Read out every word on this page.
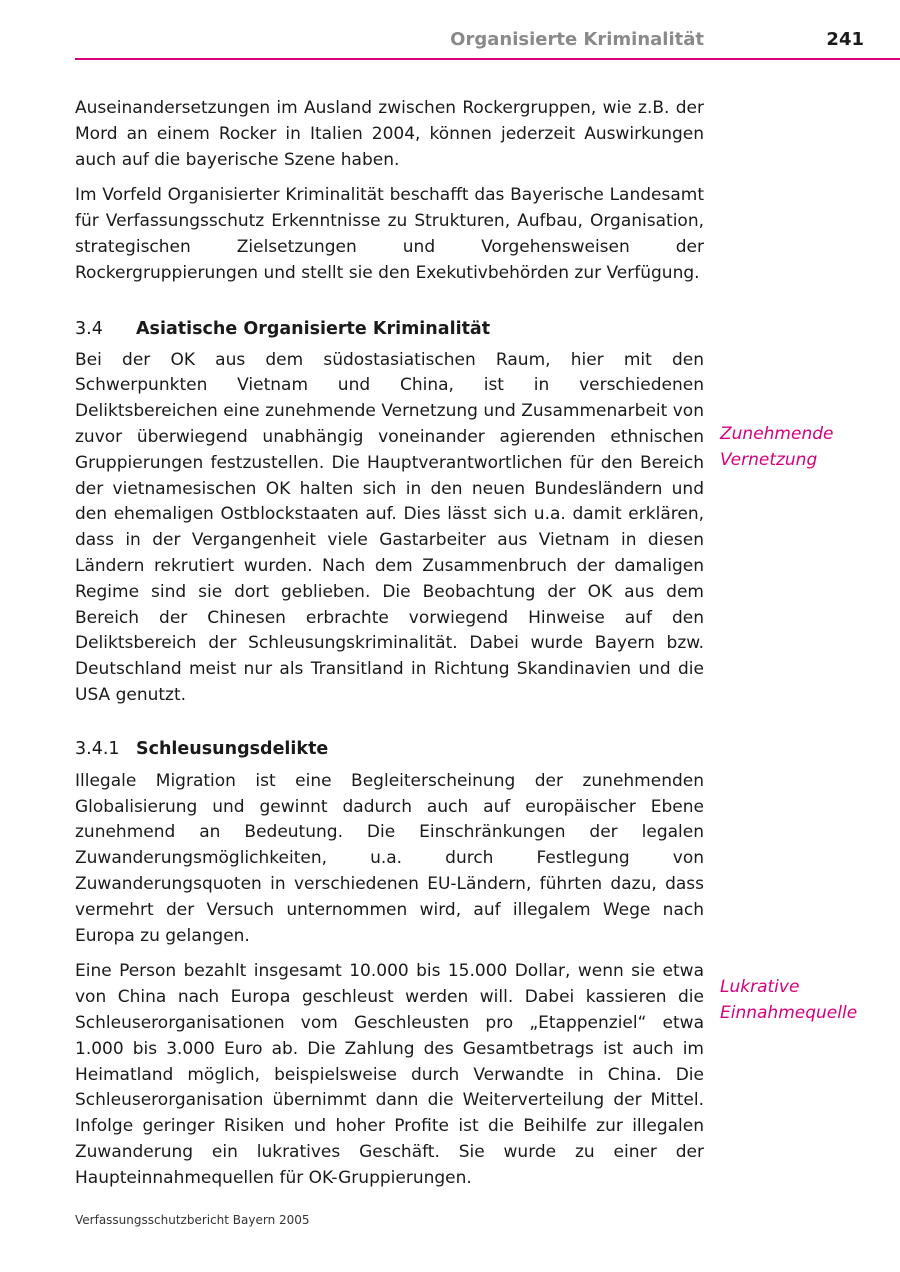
Organisierte Kriminalität	241

Auseinandersetzungen im Ausland zwischen Rockergruppen, wie z.B. der Mord an einem Rocker in Italien 2004, können jederzeit Auswirkungen auch auf die bayerische Szene haben.

Im Vorfeld Organisierter Kriminalität beschafft das Bayerische Landesamt für Verfassungsschutz Erkenntnisse zu Strukturen, Aufbau, Organisation, strategischen Zielsetzungen und Vorgehensweisen der Rockergruppierungen und stellt sie den Exekutivbehörden zur Verfügung.

3.4 Asiatische Organisierte Kriminalität

Bei der OK aus dem südostasiatischen Raum, hier mit den Schwerpunkten Vietnam und China, ist in verschiedenen Deliktsbereichen eine zunehmende Vernetzung und Zusammenarbeit von zuvor überwiegend unabhängig voneinander agierenden ethnischen Gruppierungen festzustellen. Die Hauptverantwortlichen für den Bereich der vietnamesischen OK halten sich in den neuen Bundesländern und den ehemaligen Ostblockstaaten auf. Dies lässt sich u.a. damit erklären, dass in der Vergangenheit viele Gastarbeiter aus Vietnam in diesen Ländern rekrutiert wurden. Nach dem Zusammenbruch der damaligen Regime sind sie dort geblieben. Die Beobachtung der OK aus dem Bereich der Chinesen erbrachte vorwiegend Hinweise auf den Deliktsbereich der Schleusungskriminalität. Dabei wurde Bayern bzw. Deutschland meist nur als Transitland in Richtung Skandinavien und die USA genutzt.

3.4.1 Schleusungsdelikte

Illegale Migration ist eine Begleiterscheinung der zunehmenden Globalisierung und gewinnt dadurch auch auf europäischer Ebene zunehmend an Bedeutung. Die Einschränkungen der legalen Zuwanderungsmöglichkeiten, u.a. durch Festlegung von Zuwanderungsquoten in verschiedenen EU-Ländern, führten dazu, dass vermehrt der Versuch unternommen wird, auf illegalem Wege nach Europa zu gelangen.

Eine Person bezahlt insgesamt 10.000 bis 15.000 Dollar, wenn sie etwa von China nach Europa geschleust werden will. Dabei kassieren die Schleuserorganisationen vom Geschleusten pro „Etappenziel“ etwa 1.000 bis 3.000 Euro ab. Die Zahlung des Gesamtbetrags ist auch im Heimatland möglich, beispielsweise durch Verwandte in China. Die Schleuserorganisation übernimmt dann die Weiterverteilung der Mittel. Infolge geringer Risiken und hoher Profite ist die Beihilfe zur illegalen Zuwanderung ein lukratives Geschäft. Sie wurde zu einer der Haupteinnahmequellen für OK-Gruppierungen.

Zunehmende
Vernetzung
Lukrative
Einnahmequelle
Verfassungsschutzbericht Bayern 2005
